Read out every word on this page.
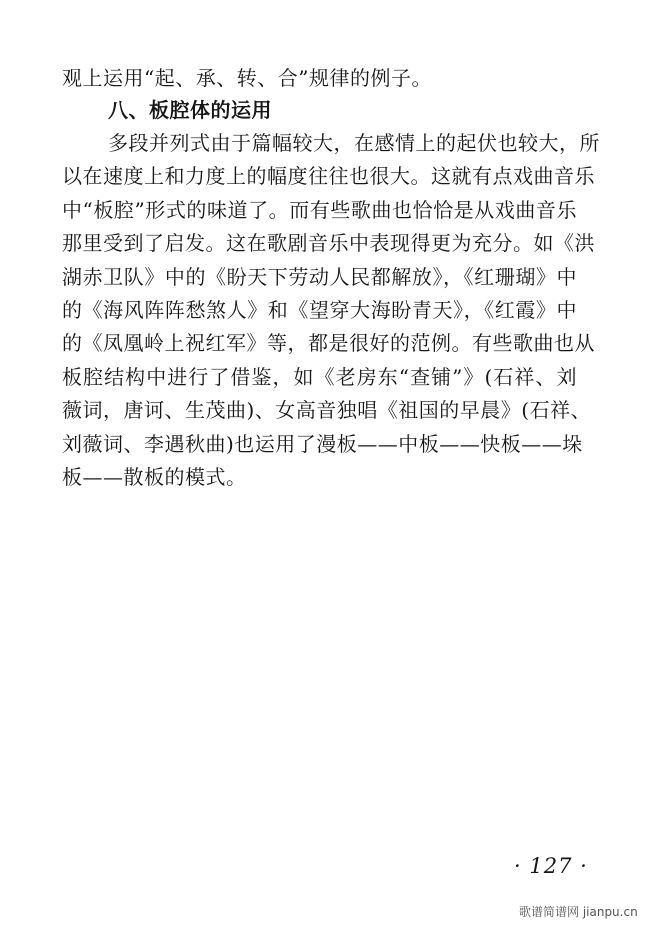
观上运用“起、承、转、合”规律的例子。
八、板腔体的运用
多段并列式由于篇幅较大，在感情上的起伏也较大，所
以在速度上和力度上的幅度往往也很大。这就有点戏曲音乐
中“板腔”形式的味道了。而有些歌曲也恰恰是从戏曲音乐
那里受到了启发。这在歌剧音乐中表现得更为充分。如《洪
湖赤卫队》中的《盼天下劳动人民都解放》，《红珊瑚》中
的《海风阵阵愁煞人》和《望穿大海盼青天》，《红霞》中
的《凤凰岭上祝红军》等，都是很好的范例。有些歌曲也从
板腔结构中进行了借鉴，如《老房东“查铺”》(石祥、刘
薇词，唐诃、生茂曲)、女高音独唱《祖国的早晨》(石祥、
刘薇词、李遇秋曲)也运用了漫板——中板——快板——垛
板——散板的模式。
· 127 ·
歌谱简谱网 jianpu.cn
